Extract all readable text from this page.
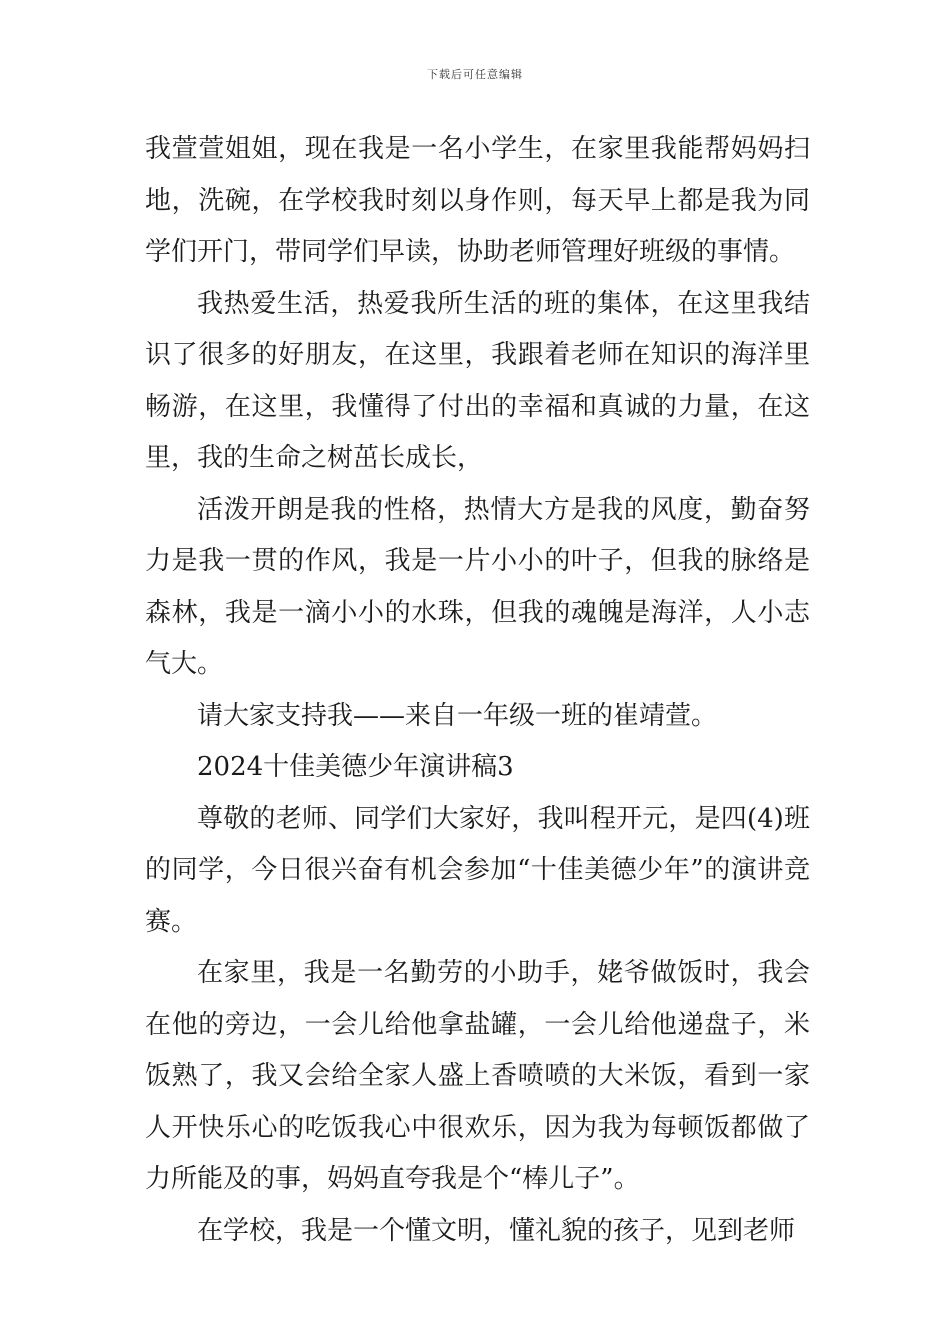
下载后可任意编辑

我萱萱姐姐，现在我是一名小学生，在家里我能帮妈妈扫地，洗碗，在学校我时刻以身作则，每天早上都是我为同学们开门，带同学们早读，协助老师管理好班级的事情。

我热爱生活，热爱我所生活的班的集体，在这里我结识了很多的好朋友，在这里，我跟着老师在知识的海洋里畅游，在这里，我懂得了付出的幸福和真诚的力量，在这里，我的生命之树茁长成长，

活泼开朗是我的性格，热情大方是我的风度，勤奋努力是我一贯的作风，我是一片小小的叶子，但我的脉络是森林，我是一滴小小的水珠，但我的魂魄是海洋，人小志气大。

请大家支持我——来自一年级一班的崔靖萱。

2024十佳美德少年演讲稿3

尊敬的老师、同学们大家好，我叫程开元，是四(4)班的同学，今日很兴奋有机会参加“十佳美德少年”的演讲竞赛。

在家里，我是一名勤劳的小助手，姥爷做饭时，我会在他的旁边，一会儿给他拿盐罐，一会儿给他递盘子，米饭熟了，我又会给全家人盛上香喷喷的大米饭，看到一家人开快乐心的吃饭我心中很欢乐，因为我为每顿饭都做了力所能及的事，妈妈直夸我是个“棒儿子”。

在学校，我是一个懂文明，懂礼貌的孩子，见到老师
